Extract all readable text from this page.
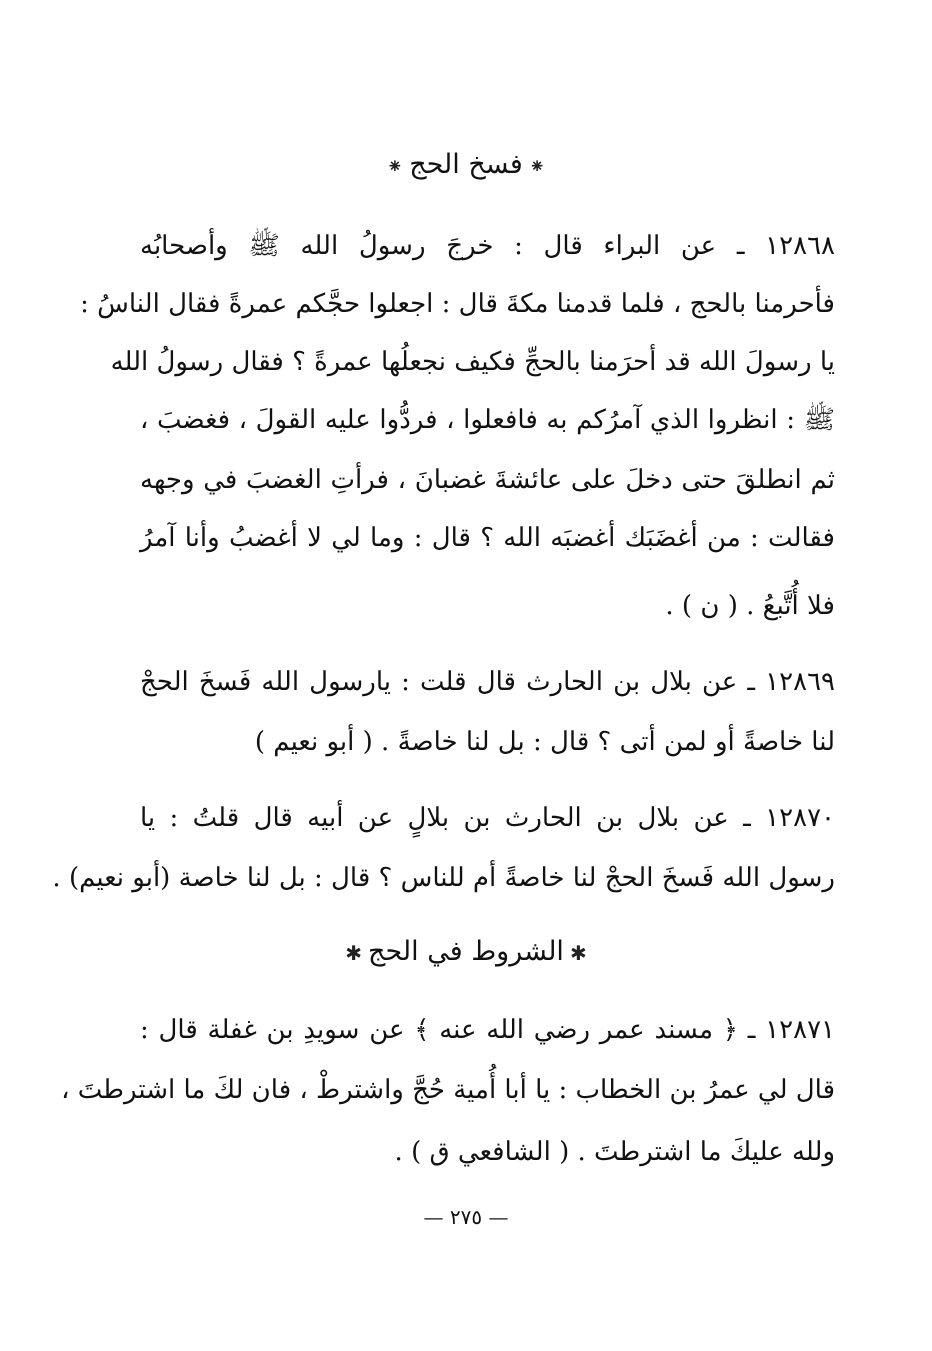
⁕فسخ الحج⁕
١٢٨٦٨ ـ عن البراء قال : خرجَ رسولُ الله ﷺ وأصحابُه
فأحرمنا بالحج ، فلما قدمنا مكةَ قال : اجعلوا حجَّكم عمرةً فقال الناسُ :
يا رسولَ الله قد أحرَمنا بالحجِّ فكيف نجعلُها عمرةً ؟ فقال رسولُ الله
ﷺ : انظروا الذي آمرُكم به فافعلوا ، فردُّوا عليه القولَ ، فغضبَ ،
ثم انطلقَ حتى دخلَ على عائشةَ غضبانَ ، فرأتِ الغضبَ في وجهه
فقالت : من أغضَبَك أغضبَه الله ؟ قال : وما لي لا أغضبُ وأنا آمرُ
فلا أُتَّبعُ . ( ن ) .
١٢٨٦٩ ـ عن بلال بن الحارث قال قلت : يارسول الله فَسخَ الحجْ
لنا خاصةً أو لمن أتى ؟ قال : بل لنا خاصةً . ( أبو نعيم )
١٢٨٧٠ ـ عن بلال بن الحارث بن بلالٍ عن أبيه قال قلتُ : يا
رسول الله فَسخَ الحجْ لنا خاصةً أم للناس ؟ قال : بل لنا خاصة (أبو نعيم) .
✱الشروط في الحج✱
١٢٨٧١ ـ ﴿ مسند عمر رضي الله عنه ﴾ عن سويدِ بن غفلة قال :
قال لي عمرُ بن الخطاب : يا أبا أُمية حُجَّ واشترطْ ، فان لكَ ما اشترطتَ ،
ولله عليكَ ما اشترطتَ . ( الشافعي ق ) .
— ٢٧٥ —
